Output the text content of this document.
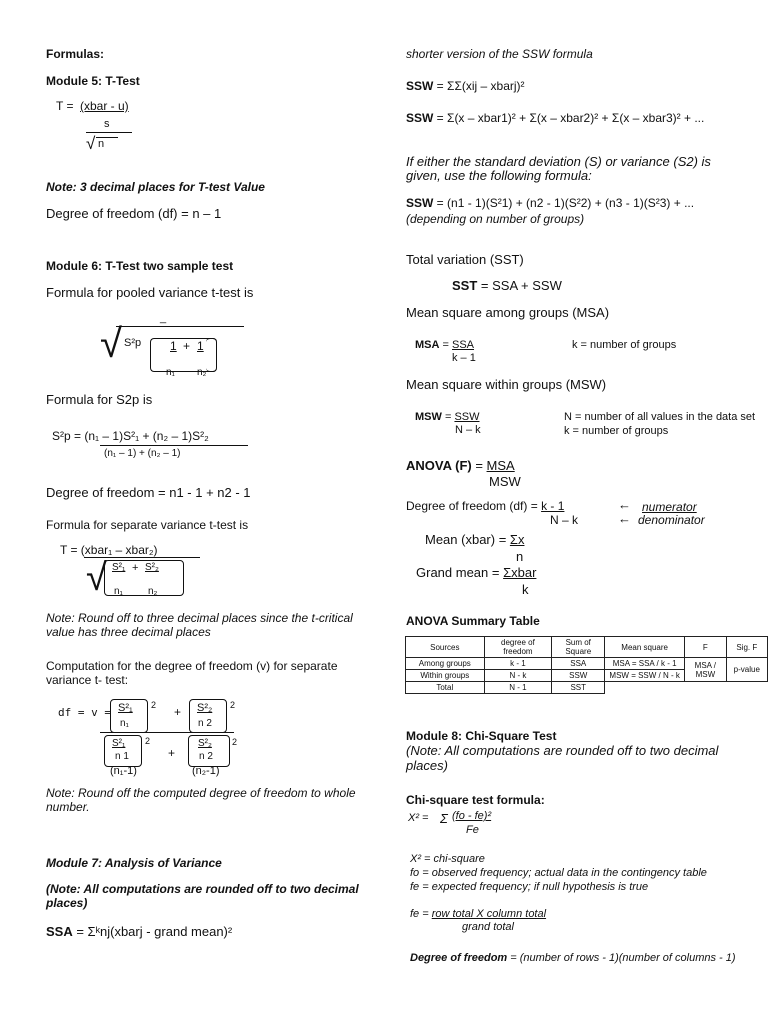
Formulas:
Module 5: T-Test
T = (xbar - u)
s
√ n
Note: 3 decimal places for T-test Value
Degree of freedom (df) = n – 1
Module 6: T-Test two sample test
Formula for pooled variance t-test is
_
√ S²p 1 + 1
n₁ n₂
Formula for S2p is
S²p = (n₁ – 1)S²₁ + (n₂ – 1)S²₂
(n₁ – 1) + (n₂ – 1)
Degree of freedom = n1 - 1 + n2 - 1
Formula for separate variance t-test is
T = (xbar₁ – xbar₂)
√ S²₁ + S²₂
n₁	n₂
Note: Round off to three decimal places since the t-critical value has three decimal places
Computation for the degree of freedom (v) for separate variance t- test:
df = v = S²₁
n₁
2 + S²₂
n 2
2
S²₁
n 1
2
+
S²₂
n 2
2
(n₁-1)	(n₂-1)
Note: Round off the computed degree of freedom to whole number.
Module 7: Analysis of Variance
(Note: All computations are rounded off to two decimal places)
SSA = Σᵏnj(xbarj - grand mean)²
shorter version of the SSW formula
SSW = ΣΣ(xij – xbarj)²
SSW = Σ(x – xbar1)² + Σ(x – xbar2)² + Σ(x – xbar3)² + ...
If either the standard deviation (S) or variance (S2) is given, use the following formula:
SSW = (n1 - 1)(S²1) + (n2 - 1)(S²2) + (n3 - 1)(S²3) + ...
(depending on number of groups)
Total variation (SST)
SST = SSA + SSW
Mean square among groups (MSA)
MSA = SSA
k – 1
k = number of groups
Mean square within groups (MSW)
MSW = SSW
N – k
N = number of all values in the data set
k = number of groups
ANOVA (F) = MSA
MSW
Degree of freedom (df) = k - 1
N – k
← numerator
← denominator
Mean (xbar) = Σx
n
Grand mean = Σxbar
k
ANOVA Summary Table
Sources	degree of freedom	Sum of Square	Mean square	F	Sig. F
Among groups	k - 1	SSA	MSA = SSA / k - 1	MSA / MSW	p-value
Within groups	N - k	SSW	MSW = SSW / N - k		
Total	N - 1	SST			
Module 8: Chi-Square Test
(Note: All computations are rounded off to two decimal places)
Chi-square test formula:
X² = Σ (fo - fe)²
Fe
X² = chi-square
fo = observed frequency; actual data in the contingency table
fe = expected frequency; if null hypothesis is true
fe = row total X column total
grand total
Degree of freedom = (number of rows - 1)(number of columns - 1)
